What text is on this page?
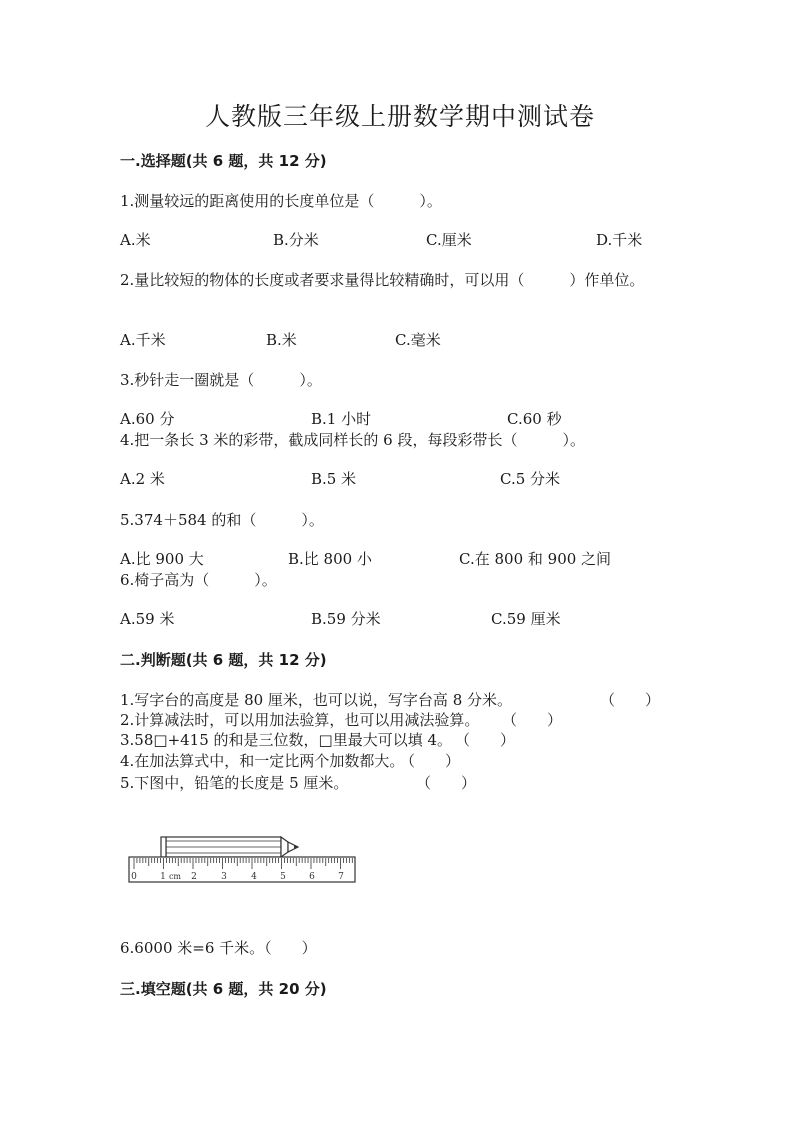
人教版三年级上册数学期中测试卷
一.选择题(共 6 题，共 12 分)
1.测量较远的距离使用的长度单位是（　　　）。
A.米	B.分米	C.厘米	D.千米
2.量比较短的物体的长度或者要求量得比较精确时，可以用（　　　）作单位。
A.千米	B.米	C.毫米
3.秒针走一圈就是（　　　）。
A.60 分	B.1 小时	C.60 秒
4.把一条长 3 米的彩带，截成同样长的 6 段，每段彩带长（　　　）。
A.2 米	B.5 米	C.5 分米
5.374＋584 的和（　　　）。
A.比 900 大	B.比 800 小	C.在 800 和 900 之间
6.椅子高为（　　　）。
A.59 米	B.59 分米	C.59 厘米
二.判断题(共 6 题，共 12 分)
1.写字台的高度是 80 厘米，也可以说，写字台高 8 分米。	（　　）
2.计算减法时，可以用加法验算，也可以用减法验算。 （　　）
3.58□+415 的和是三位数，□里最大可以填 4。 （　　）
4.在加法算式中，和一定比两个加数都大。
（　　）
5.下图中，铅笔的长度是 5 厘米。	（　　）
0	1 cm 2	3	4	5	6	7
6.6000 米=6 千米。（　　）
三.填空题(共 6 题，共 20 分)
